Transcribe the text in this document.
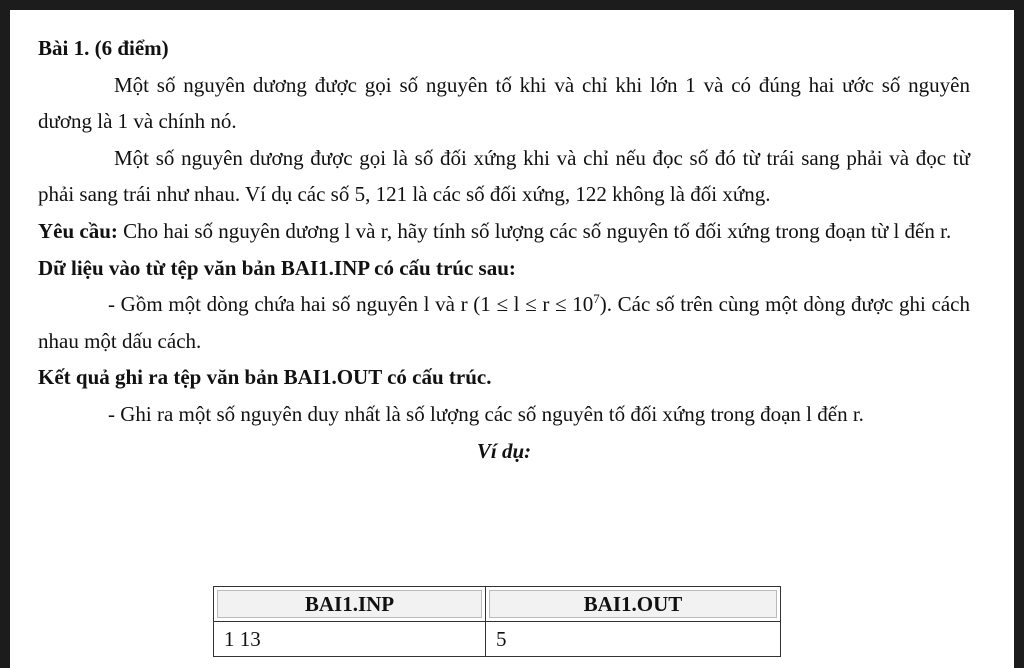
Bài 1. (6 điểm)

Một số nguyên dương được gọi số nguyên tố khi và chỉ khi lớn 1 và có đúng hai ước số nguyên dương là 1 và chính nó.

Một số nguyên dương được gọi là số đối xứng khi và chỉ nếu đọc số đó từ trái sang phải và đọc từ phải sang trái như nhau. Ví dụ các số 5, 121 là các số đối xứng, 122 không là đối xứng.

Yêu cầu: Cho hai số nguyên dương l và r, hãy tính số lượng các số nguyên tố đối xứng trong đoạn từ l đến r.

Dữ liệu vào từ tệp văn bản BAI1.INP có cấu trúc sau:

- Gồm một dòng chứa hai số nguyên l và r $(1 \le l \le r \le 10^7)$. Các số trên cùng một dòng được ghi cách nhau một dấu cách.

Kết quả ghi ra tệp văn bản BAI1.OUT có cấu trúc.

- Ghi ra một số nguyên duy nhất là số lượng các số nguyên tố đối xứng trong đoạn l đến r.

Ví dụ:

BAI1.INP	BAI1.OUT
1 13	5
